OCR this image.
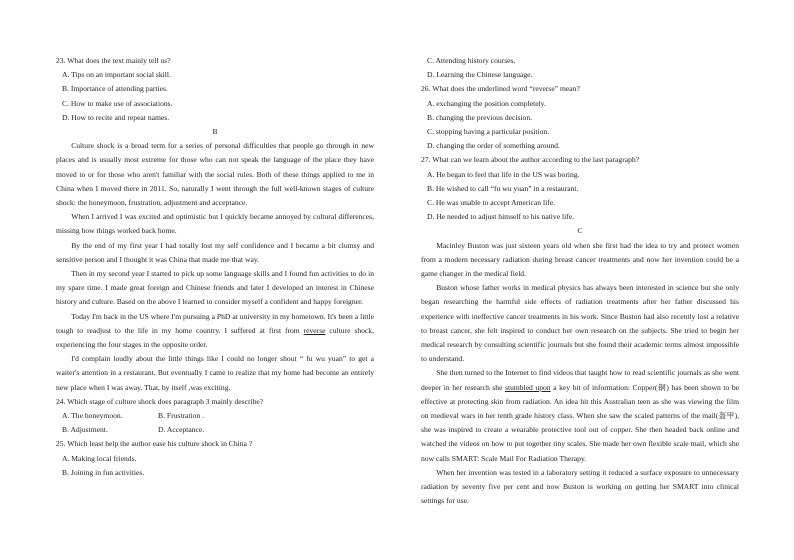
23. What does the text mainly tell us?

A. Tips on an important social skill.

B. Importance of attending parties.

C. How to make use of associations.

D. How to recite and repeat names.

B

Culture shock is a broad term for a series of personal difficulties that people go through in new places and is usually most extreme for those who can not speak the language of the place they have moved to or for those who aren't familiar with the social rules. Both of these things applied to me in China when I moved there in 2011. So, naturally I went through the full well-known stages of culture shock: the honeymoon, frustration, adjustment and acceptance.

When I arrived I was excited and optimistic but I quickly became annoyed by cultural differences, missing how things worked back home.

By the end of my first year I had totally lost my self confidence and I became a bit clumsy and sensitive person and I thought it was China that made me that way.

Then in my second year I started to pick up some language skills and I found fun activities to do in my spare time. I made great foreign and Chinese friends and later I developed an interest in Chinese history and culture. Based on the above I learned to consider myself a confident and happy foreigner.

Today I'm back in the US where I'm pursuing a PhD at university in my hometown. It's been a little tough to readjust to the life in my home country. I suffered at first from reverse culture shock, experiencing the four stages in the opposite order.

I'd complain loudly about the little things like I could no longer shout “ fu wu yuan” to get a waiter's attention in a restaurant. But eventually I came to realize that my home had become an entirely new place when I was away. That, by itself ,was exciting.

24. Which stage of culture shock does paragraph 3 mainly describe?

A. The honeymoon.	B. Frustration .
B. Adjustment.	D. Acceptance.

25. Which least help the author ease his culture shock in China ?

A. Making local friends.

B. Joining in fun activities.

C. Attending history courses.

D. Learning the Chinese language.

26. What does the underlined word “reverse” mean?

A. exchanging the position completely.

B. changing the previous decision.

C. stopping having a particular position.

D. changing the order of something around.

27. What can we learn about the author according to the last paragraph?

A. He began to feel that life in the US was boring.

B. He wished to call “fu wu yuan” in a restaurant.

C. He was unable to accept American life.

D. He needed to adjust himself to his native life.

C

Macinley Buston was just sixteen years old when she first had the idea to try and protect women from a modern necessary radiation during breast cancer treatments and now her invention could be a game changer in the medical field.

Buston whose father works in medical physics has always been interested in science but she only began researching the harmful side effects of radiation treatments after her father discussed his experience with ineffective cancer treatments in his work. Since Buston had also recently lost a relative to breast cancer, she felt inspired to conduct her own research on the subjects. She tried to begin her medical research by consulting scientific journals but she found their academic terms almost impossible to understand.

She then turned to the Internet to find videos that taught how to read scientific journals as she went deeper in her research she stumbled upon a key bit of information: Copper(铜) has been shown to be effective at protecting skin from radiation. An idea hit this Australian teen as she was viewing the film on medieval wars in her tenth grade history class. When she saw the scaled patterns of the mail(盔甲), she was inspired to create a wearable protective tool out of copper. She then headed back online and watched the videos on how to put together tiny scales. She made her own flexible scale mail, which she now calls SMART: Scale Mail For Radiation Therapy.

When her invention was tested in a laboratory setting it reduced a surface exposure to unnecessary radiation by seventy five per cent and now Buston is working on getting her SMART into clinical settings for use.
